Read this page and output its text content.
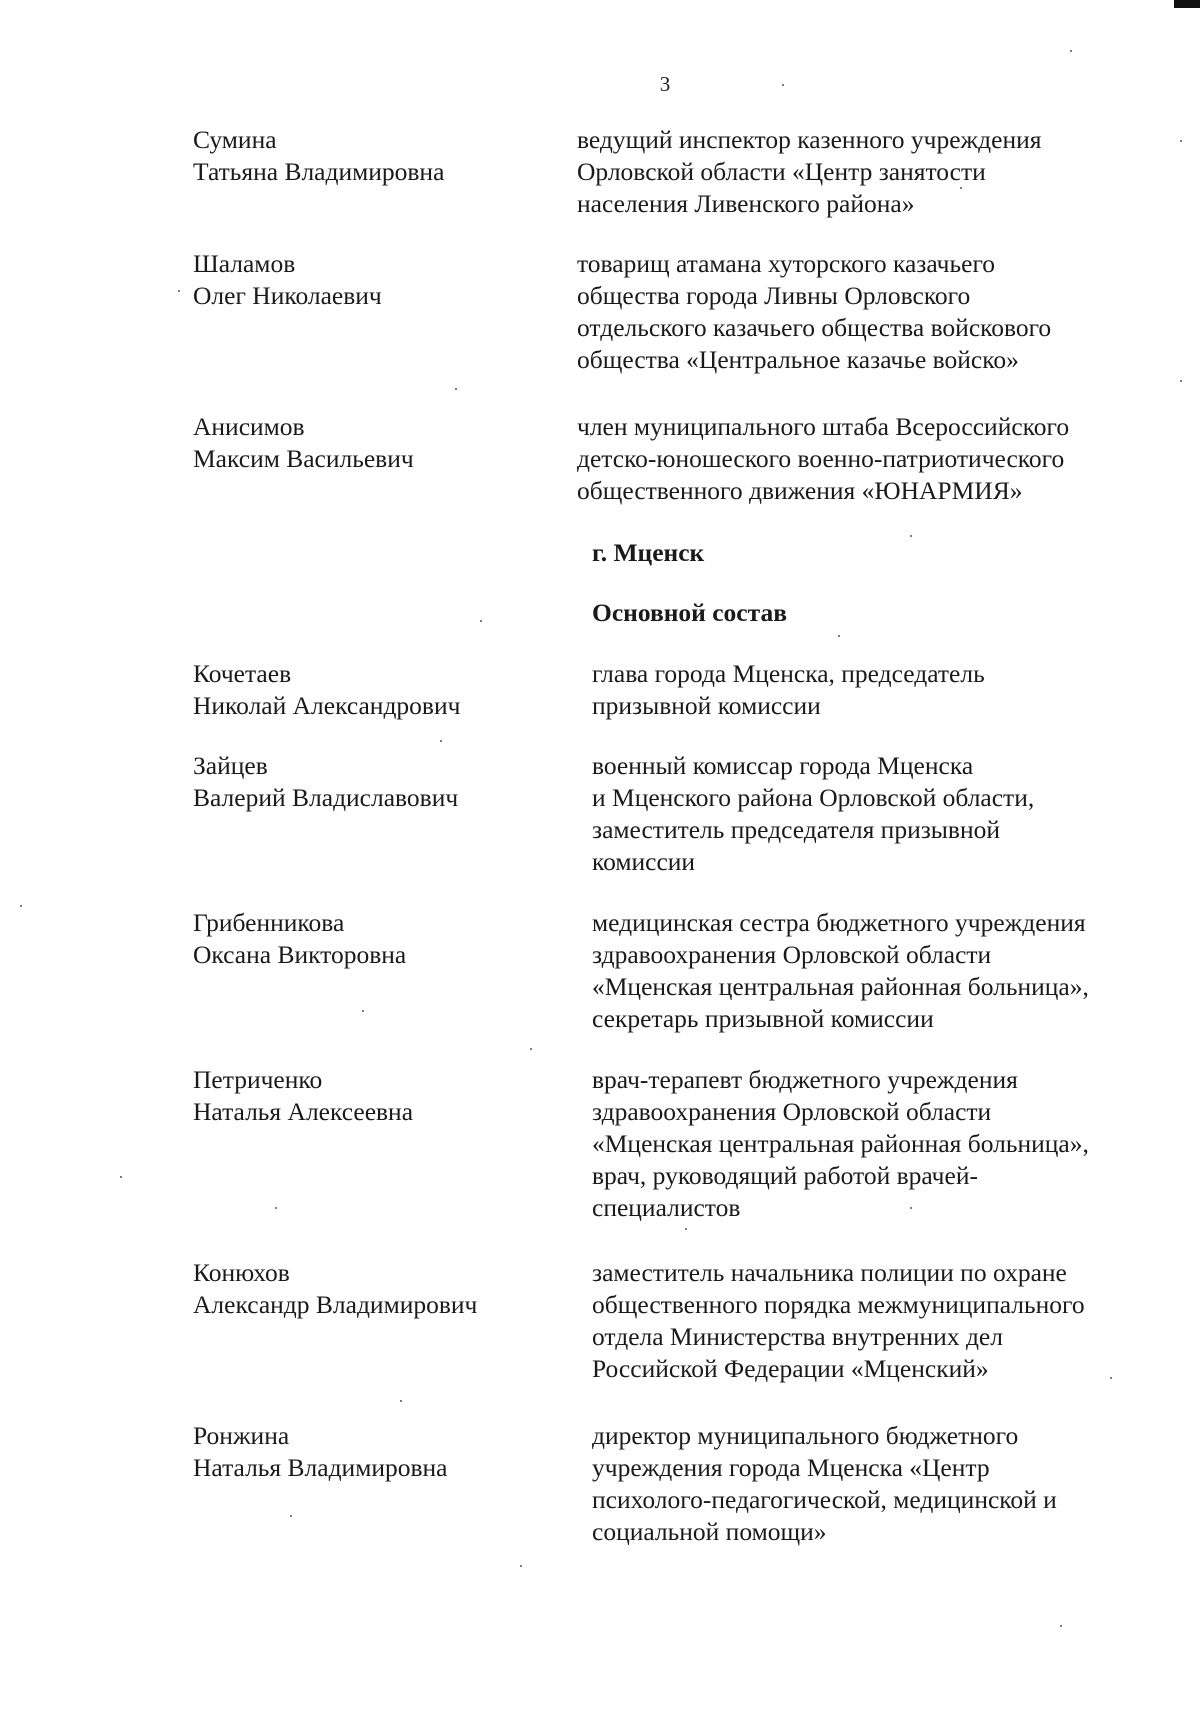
3
Сумина
Татьяна Владимировна
ведущий инспектор казенного учреждения
Орловской области «Центр занятости
населения Ливенского района»
Шаламов
Олег Николаевич
товарищ атамана хуторского казачьего
общества города Ливны Орловского
отдельского казачьего общества войскового
общества «Центральное казачье войско»
Анисимов
Максим Васильевич
член муниципального штаба Всероссийского
детско-юношеского военно-патриотического
общественного движения «ЮНАРМИЯ»
г. Мценск
Основной состав
Кочетаев
Николай Александрович
глава города Мценска, председатель
призывной комиссии
Зайцев
Валерий Владиславович
военный комиссар города Мценска
и Мценского района Орловской области,
заместитель председателя призывной
комиссии
Грибенникова
Оксана Викторовна
медицинская сестра бюджетного учреждения
здравоохранения Орловской области
«Мценская центральная районная больница»,
секретарь призывной комиссии
Петриченко
Наталья Алексеевна
врач-терапевт бюджетного учреждения
здравоохранения Орловской области
«Мценская центральная районная больница»,
врач, руководящий работой врачей-
специалистов
Конюхов
Александр Владимирович
заместитель начальника полиции по охране
общественного порядка межмуниципального
отдела Министерства внутренних дел
Российской Федерации «Мценский»
Ронжина
Наталья Владимировна
директор муниципального бюджетного
учреждения города Мценска «Центр
психолого-педагогической, медицинской и
социальной помощи»
